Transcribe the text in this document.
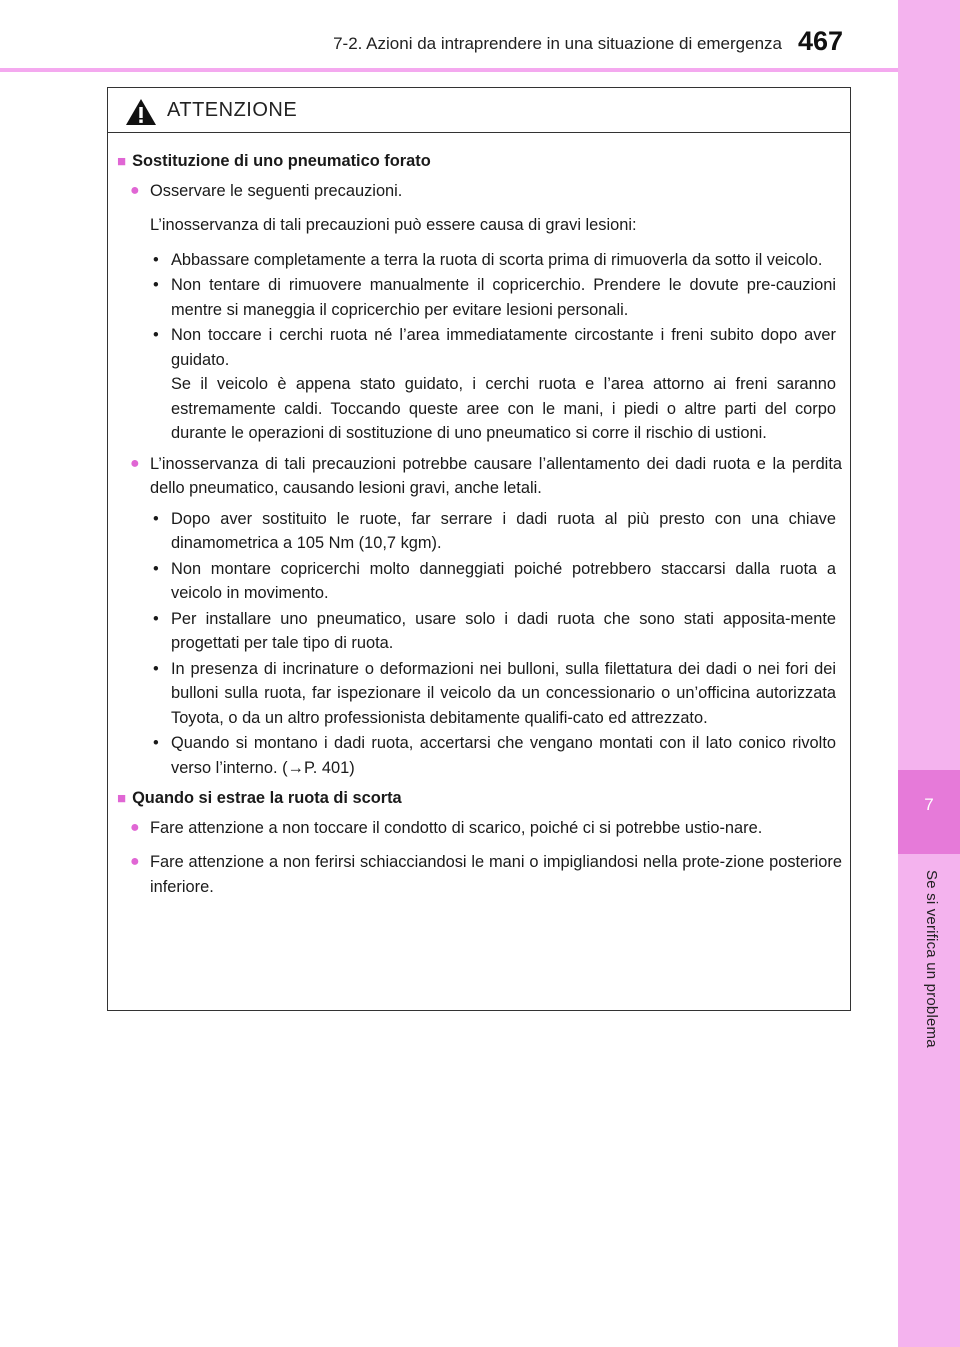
7-2. Azioni da intraprendere in una situazione di emergenza 467
7
Se si verifica un problema
ATTENZIONE
■ Sostituzione di uno pneumatico forato
● Osservare le seguenti precauzioni.
L’inosservanza di tali precauzioni può essere causa di gravi lesioni:
• Abbassare completamente a terra la ruota di scorta prima di rimuoverla da sotto il veicolo.
• Non tentare di rimuovere manualmente il copricerchio. Prendere le dovute pre-cauzioni mentre si maneggia il copricerchio per evitare lesioni personali.
• Non toccare i cerchi ruota né l’area immediatamente circostante i freni subito dopo aver guidato.
Se il veicolo è appena stato guidato, i cerchi ruota e l’area attorno ai freni saranno estremamente caldi. Toccando queste aree con le mani, i piedi o altre parti del corpo durante le operazioni di sostituzione di uno pneumatico si corre il rischio di ustioni.
● L’inosservanza di tali precauzioni potrebbe causare l’allentamento dei dadi ruota e la perdita dello pneumatico, causando lesioni gravi, anche letali.
• Dopo aver sostituito le ruote, far serrare i dadi ruota al più presto con una chiave dinamometrica a 105 Nm (10,7 kgm).
• Non montare copricerchi molto danneggiati poiché potrebbero staccarsi dalla ruota a veicolo in movimento.
• Per installare uno pneumatico, usare solo i dadi ruota che sono stati apposita-mente progettati per tale tipo di ruota.
• In presenza di incrinature o deformazioni nei bulloni, sulla filettatura dei dadi o nei fori dei bulloni sulla ruota, far ispezionare il veicolo da un concessionario o un’officina autorizzata Toyota, o da un altro professionista debitamente qualifi-cato ed attrezzato.
• Quando si montano i dadi ruota, accertarsi che vengano montati con il lato conico rivolto verso l’interno. (→P. 401)
■ Quando si estrae la ruota di scorta
● Fare attenzione a non toccare il condotto di scarico, poiché ci si potrebbe ustio-nare.
● Fare attenzione a non ferirsi schiacciandosi le mani o impigliandosi nella prote-zione posteriore inferiore.
